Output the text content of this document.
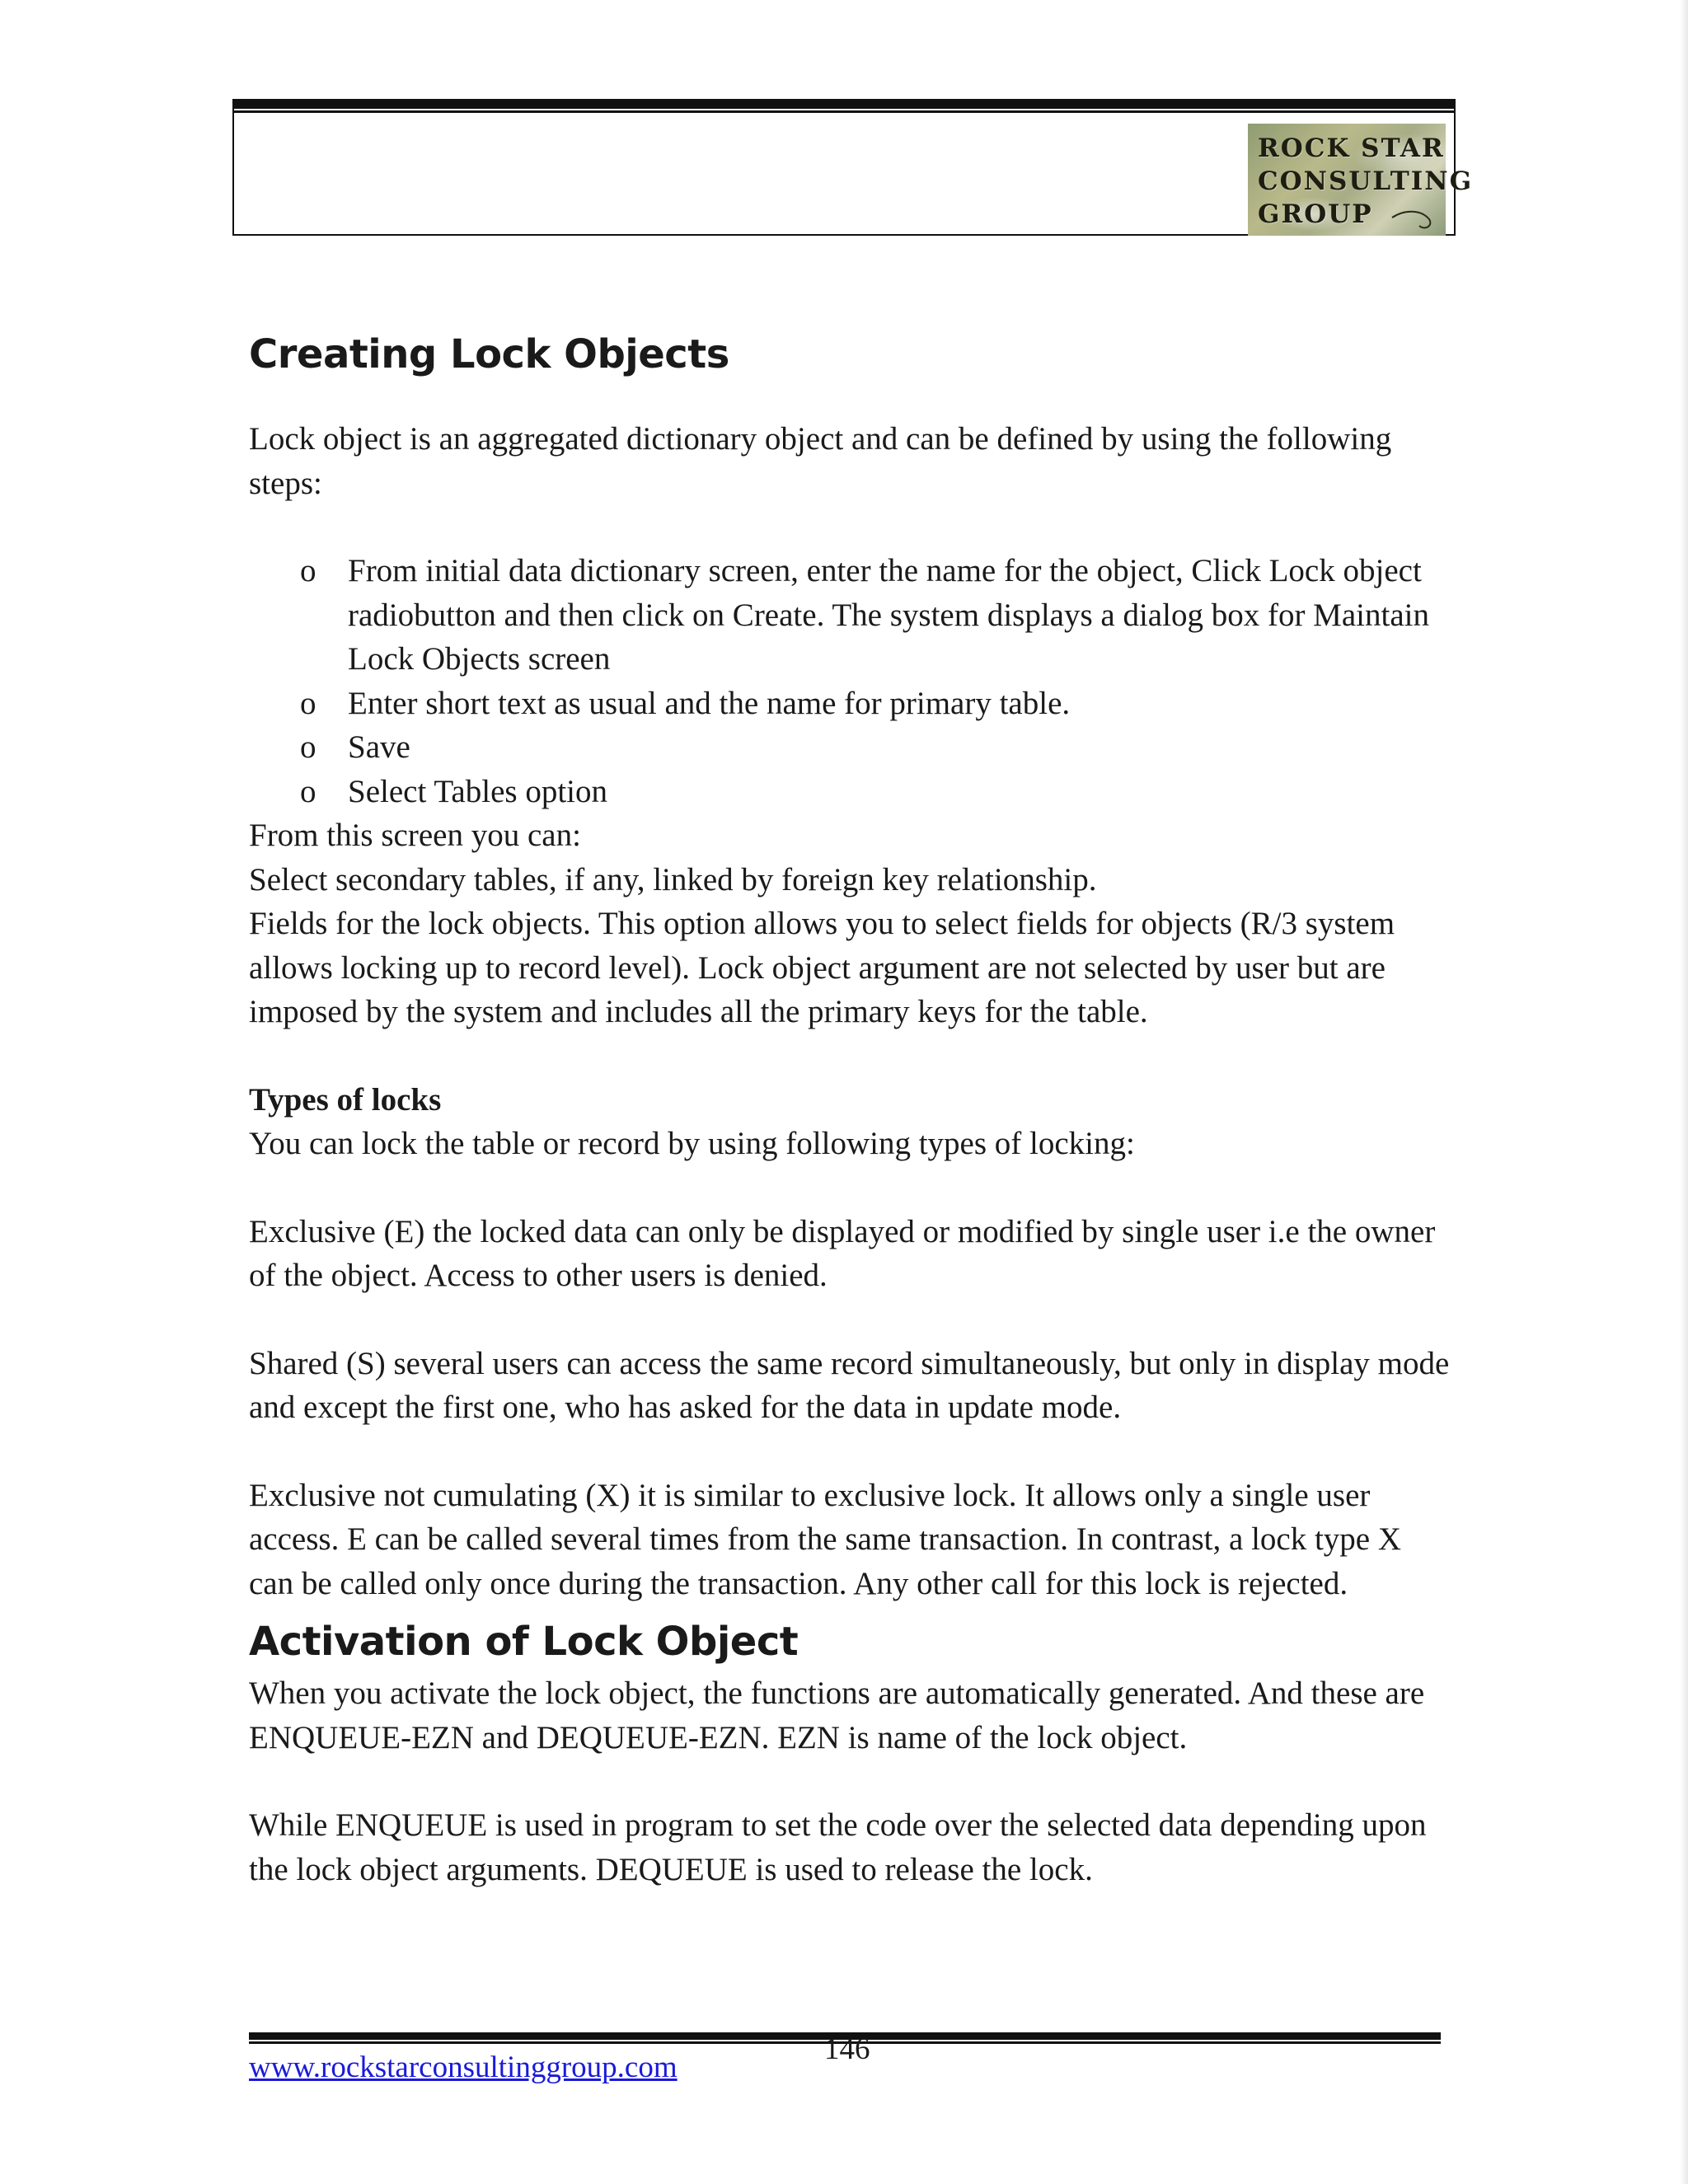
ROCK STAR
CONSULTING
GROUP
Creating Lock Objects

Lock object is an aggregated dictionary object and can be defined by using the following steps:

o From initial data dictionary screen, enter the name for the object, Click Lock object radiobutton and then click on Create. The system displays a dialog box for Maintain Lock Objects screen
o Enter short text as usual and the name for primary table.
o Save
o Select Tables option

From this screen you can:

Select secondary tables, if any, linked by foreign key relationship.

Fields for the lock objects. This option allows you to select fields for objects (R/3 system allows locking up to record level). Lock object argument are not selected by user but are imposed by the system and includes all the primary keys for the table.

Types of locks

You can lock the table or record by using following types of locking:

Exclusive (E) the locked data can only be displayed or modified by single user i.e the owner of the object. Access to other users is denied.

Shared (S) several users can access the same record simultaneously, but only in display mode and except the first one, who has asked for the data in update mode.

Exclusive not cumulating (X) it is similar to exclusive lock. It allows only a single user access. E can be called several times from the same transaction. In contrast, a lock type X can be called only once during the transaction. Any other call for this lock is rejected.

Activation of Lock Object

When you activate the lock object, the functions are automatically generated. And these are ENQUEUE-EZN and DEQUEUE-EZN. EZN is name of the lock object.

While ENQUEUE is used in program to set the code over the selected data depending upon the lock object arguments. DEQUEUE is used to release the lock.

146
www.rockstarconsultinggroup.com
